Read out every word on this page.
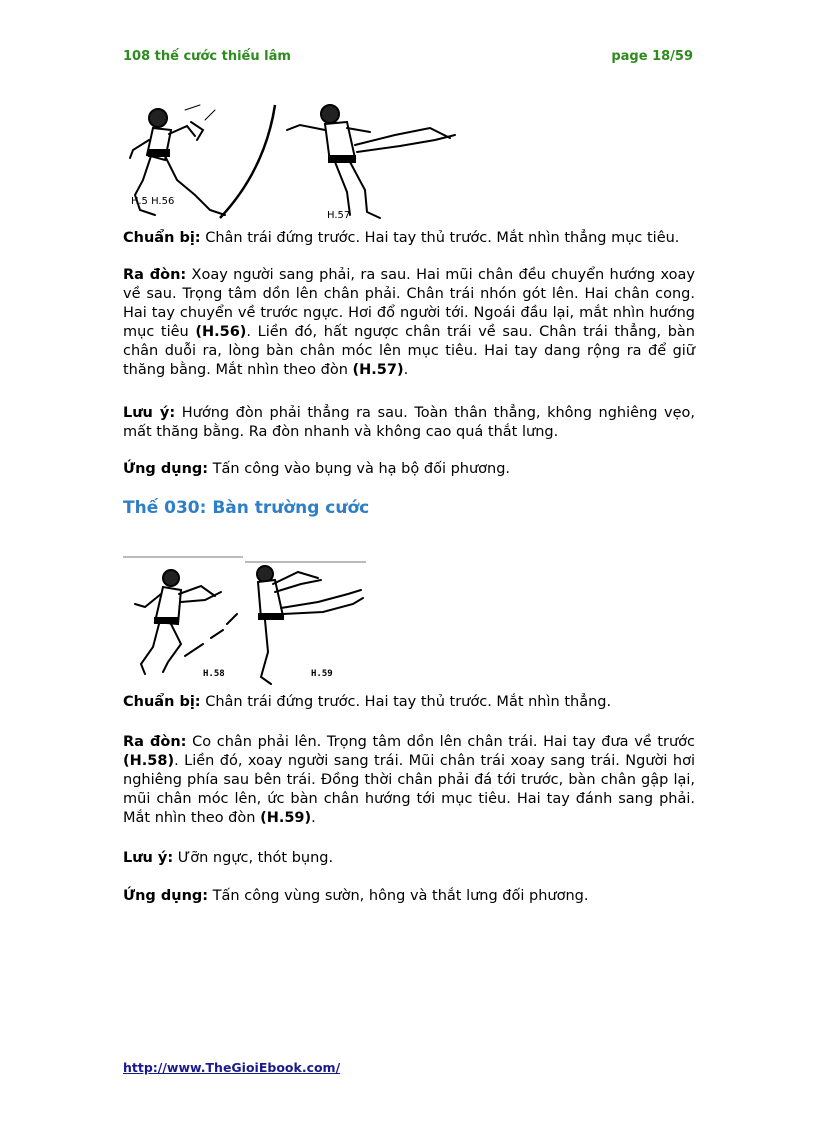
108 thế cước thiếu lâm	page 18/59
H.5 H.56
H.57

Chuẩn bị: Chân trái đứng trước. Hai tay thủ trước. Mắt nhìn thẳng mục tiêu.

Ra đòn: Xoay người sang phải, ra sau. Hai mũi chân đều chuyển hướng xoay về sau. Trọng tâm dồn lên chân phải. Chân trái nhón gót lên. Hai chân cong. Hai tay chuyển về trước ngực. Hơi đổ người tới. Ngoái đầu lại, mắt nhìn hướng mục tiêu (H.56). Liền đó, hất ngược chân trái về sau. Chân trái thẳng, bàn chân duỗi ra, lòng bàn chân móc lên mục tiêu. Hai tay dang rộng ra để giữ thăng bằng. Mắt nhìn theo đòn (H.57).

Lưu ý: Hướng đòn phải thẳng ra sau. Toàn thân thẳng, không nghiêng vẹo, mất thăng bằng. Ra đòn nhanh và không cao quá thắt lưng.

Ứng dụng: Tấn công vào bụng và hạ bộ đối phương.

Thế 030: Bàn trường cước
H.58	H.59

Chuẩn bị: Chân trái đứng trước. Hai tay thủ trước. Mắt nhìn thẳng.

Ra đòn: Co chân phải lên. Trọng tâm dồn lên chân trái. Hai tay đưa về trước (H.58). Liền đó, xoay người sang trái. Mũi chân trái xoay sang trái. Người hơi nghiêng phía sau bên trái. Đồng thời chân phải đá tới trước, bàn chân gập lại, mũi chân móc lên, ức bàn chân hướng tới mục tiêu. Hai tay đánh sang phải. Mắt nhìn theo đòn (H.59).

Lưu ý: Ưỡn ngực, thót bụng.

Ứng dụng: Tấn công vùng sườn, hông và thắt lưng đối phương.

http://www.TheGioiEbook.com/
